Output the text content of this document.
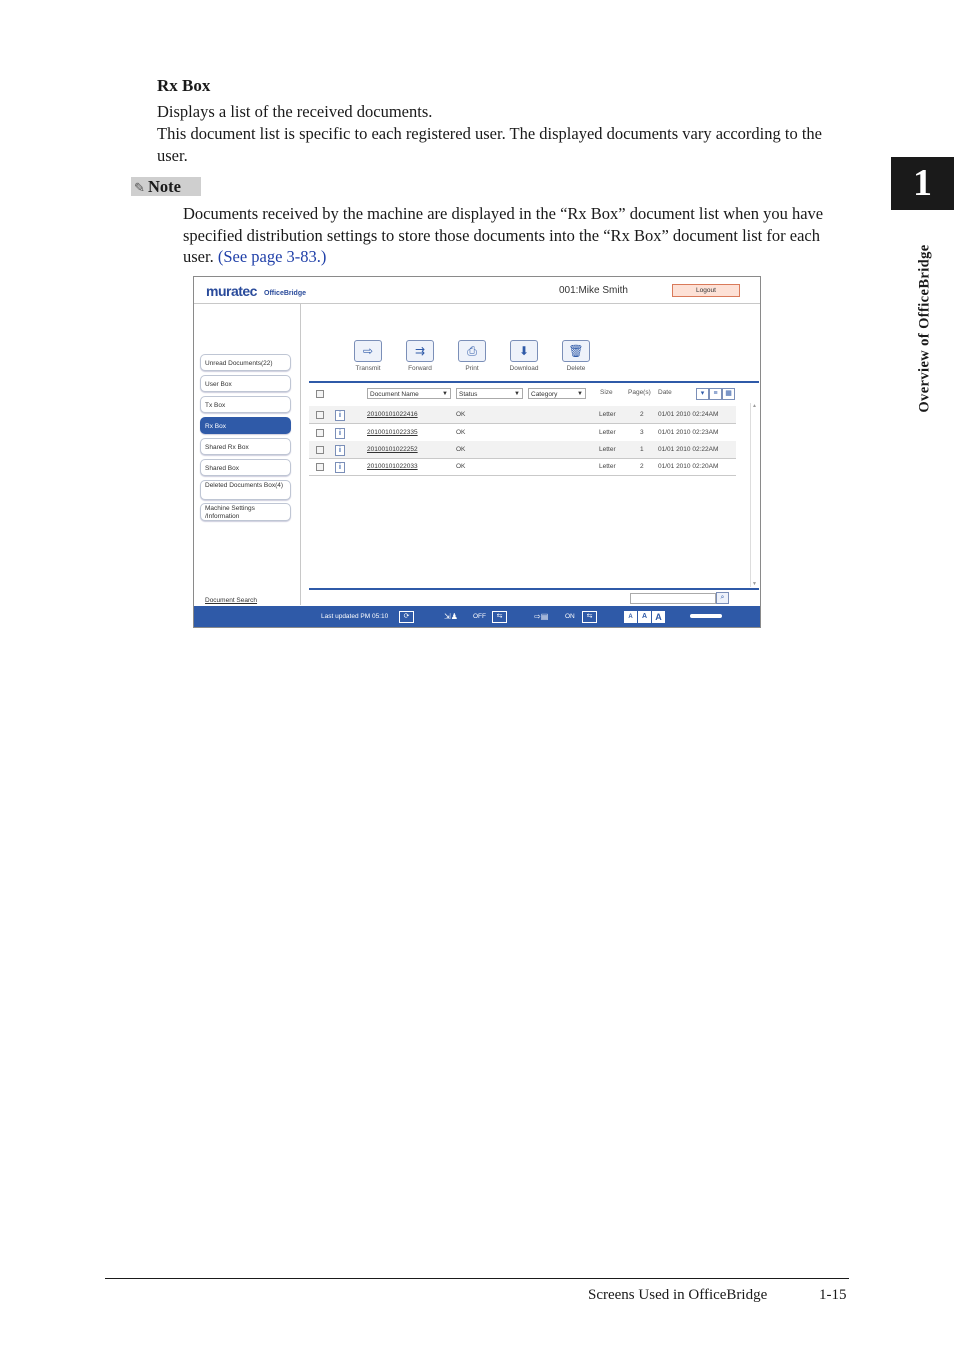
Rx Box

Displays a list of the received documents.

This document list is specific to each registered user. The displayed documents vary according to the user.

✎ Note

Documents received by the machine are displayed in the “Rx Box” document list when you have specified distribution settings to store those documents into the “Rx Box” document list for each user. (See page 3-83.)

1
Overview of OfficeBridge
muratec OfficeBridge	001:Mike Smith	Logout
Unread Documents(22)
User Box
Tx Box
Rx Box
Shared Rx Box
Shared Box
Deleted Documents Box(4)
Machine Settings /Information
Document Search
⇨
Transmit
⇉
Forward
⎙
Print
⬇
Download
🗑
Delete
Document Name	▼	Status	▼	Category	▼	Size Page(s) Date	▾	≡	▦
i	20100101022416	OK	Letter	2 01/01 2010 02:24AM
i	20100101022335	OK	Letter	3 01/01 2010 02:23AM
i	20100101022252	OK	Letter	1 01/01 2010 02:22AM
i	20100101022033	OK	Letter	2 01/01 2010 02:20AM
▲
▼
⌕
Last updated PM 05:10	⟳	⇲♟ OFF	⇆	⇨▤	ON	⇆	A	A A
Screens Used in OfficeBridge	1-15
